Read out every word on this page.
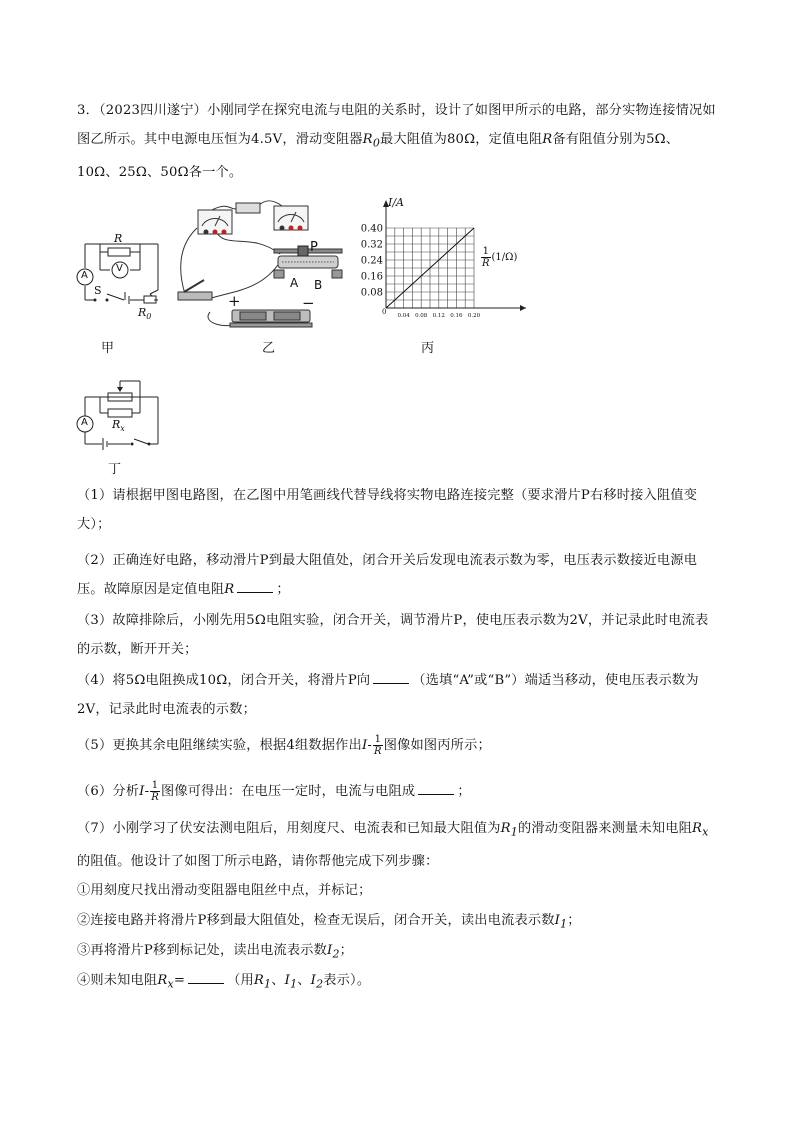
3．（2023四川遂宁）小刚同学在探究电流与电阻的关系时，设计了如图甲所示的电路，部分实物连接情况如图乙所示。其中电源电压恒为4.5V，滑动变阻器$R_0$最大阻值为80Ω，定值电阻R备有阻值分别为5Ω、10Ω、25Ω、50Ω各一个。

A
V
R
S
$R_0$
甲
+	−
P
A B
乙
0.04 0.08 0.12 0.16 0.20
0.08
0.16
0.24
0.32
0.40
I/A
$\frac{1}{R} (1/\Omega)$
0
丙
A $R_x$
丁

（1）请根据甲图电路图，在乙图中用笔画线代替导线将实物电路连接完整（要求滑片P右移时接入阻值变大）；

（2）正确连好电路，移动滑片P到最大阻值处，闭合开关后发现电流表示数为零，电压表示数接近电源电压。故障原因是定值电阻R	；

（3）故障排除后，小刚先用5Ω电阻实验，闭合开关，调节滑片P，使电压表示数为2V，并记录此时电流表的示数，断开开关；

（4）将5Ω电阻换成10Ω，闭合开关，将滑片P向	（选填“A”或“B”）端适当移动，使电压表示数为2V，记录此时电流表的示数；

（5）更换其余电阻继续实验，根据4组数据作出$I- \frac{1}{R}$ 图像如图丙所示；

（6）分析$I- \frac{1}{R}$ 图像可得出：在电压一定时，电流与电阻成	；

（7）小刚学习了伏安法测电阻后，用刻度尺、电流表和已知最大阻值为$R_1$的滑动变阻器来测量未知电阻$R_x$的阻值。他设计了如图丁所示电路，请你帮他完成下列步骤：

①用刻度尺找出滑动变阻器电阻丝中点，并标记；

②连接电路并将滑片P移到最大阻值处，检查无误后，闭合开关，读出电流表示数$I_1$；

③再将滑片P移到标记处，读出电流表示数$I_2$；

④则未知电阻$R_x=$	（用$R_1$、$I_1$、$I_2$表示）。
